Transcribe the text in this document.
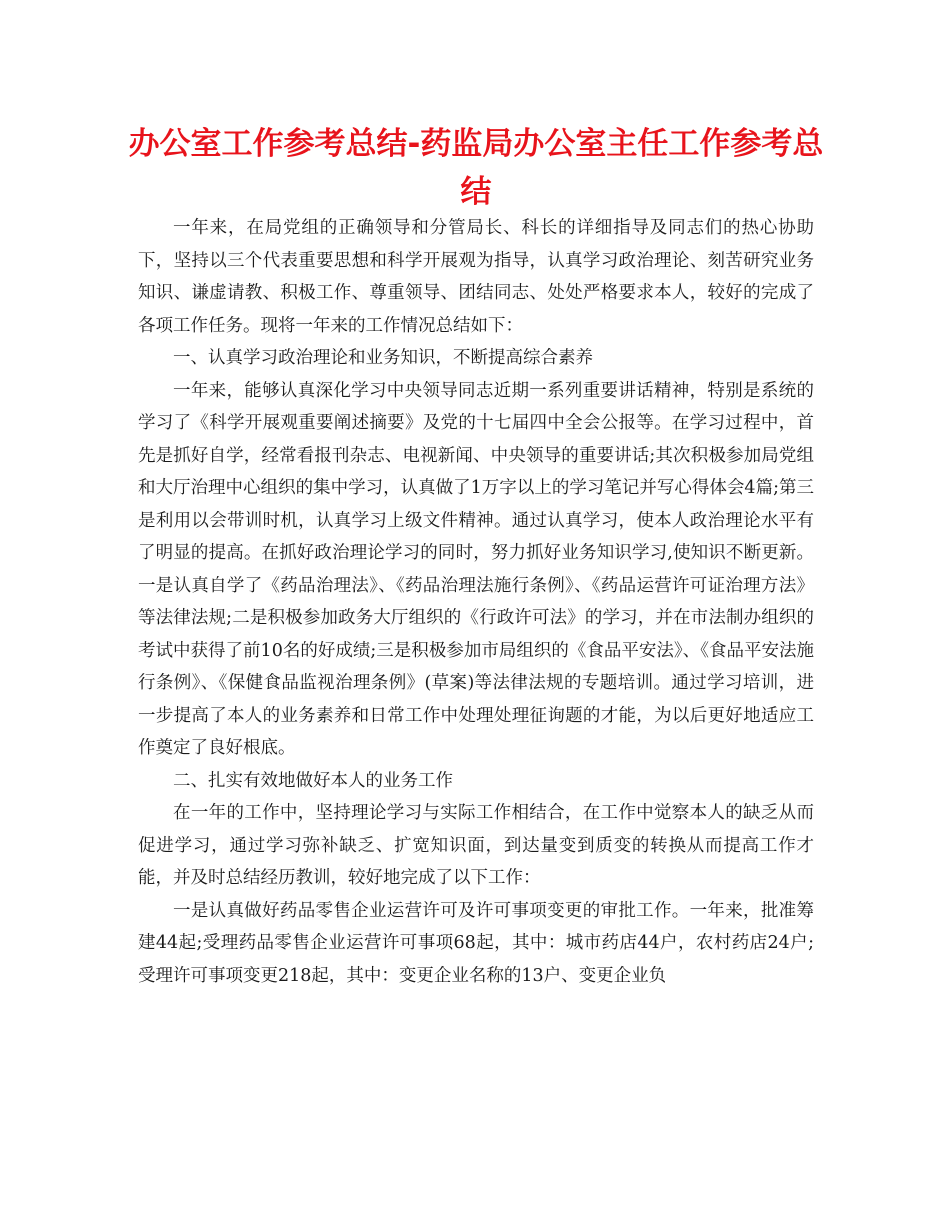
办公室工作参考总结-药监局办公室主任工作参考总结

一年来，在局党组的正确领导和分管局长、科长的详细指导及同志们的热心协助下，坚持以三个代表重要思想和科学开展观为指导，认真学习政治理论、刻苦研究业务知识、谦虚请教、积极工作、尊重领导、团结同志、处处严格要求本人，较好的完成了各项工作任务。现将一年来的工作情况总结如下：

一、认真学习政治理论和业务知识，不断提高综合素养

一年来，能够认真深化学习中央领导同志近期一系列重要讲话精神，特别是系统的学习了《科学开展观重要阐述摘要》及党的十七届四中全会公报等。在学习过程中，首先是抓好自学，经常看报刊杂志、电视新闻、中央领导的重要讲话;其次积极参加局党组和大厅治理中心组织的集中学习，认真做了1万字以上的学习笔记并写心得体会4篇;第三是利用以会带训时机，认真学习上级文件精神。通过认真学习，使本人政治理论水平有了明显的提高。在抓好政治理论学习的同时，努力抓好业务知识学习,使知识不断更新。一是认真自学了《药品治理法》、《药品治理法施行条例》、《药品运营许可证治理方法》等法律法规;二是积极参加政务大厅组织的《行政许可法》的学习，并在市法制办组织的考试中获得了前10名的好成绩;三是积极参加市局组织的《食品平安法》、《食品平安法施行条例》、《保健食品监视治理条例》(草案)等法律法规的专题培训。通过学习培训，进一步提高了本人的业务素养和日常工作中处理处理征询题的才能，为以后更好地适应工作奠定了良好根底。

二、扎实有效地做好本人的业务工作

在一年的工作中，坚持理论学习与实际工作相结合，在工作中觉察本人的缺乏从而促进学习，通过学习弥补缺乏、扩宽知识面，到达量变到质变的转换从而提高工作才能，并及时总结经历教训，较好地完成了以下工作：

一是认真做好药品零售企业运营许可及许可事项变更的审批工作。一年来，批准筹建44起;受理药品零售企业运营许可事项68起，其中：城市药店44户，农村药店24户;受理许可事项变更218起，其中：变更企业名称的13户、变更企业负
